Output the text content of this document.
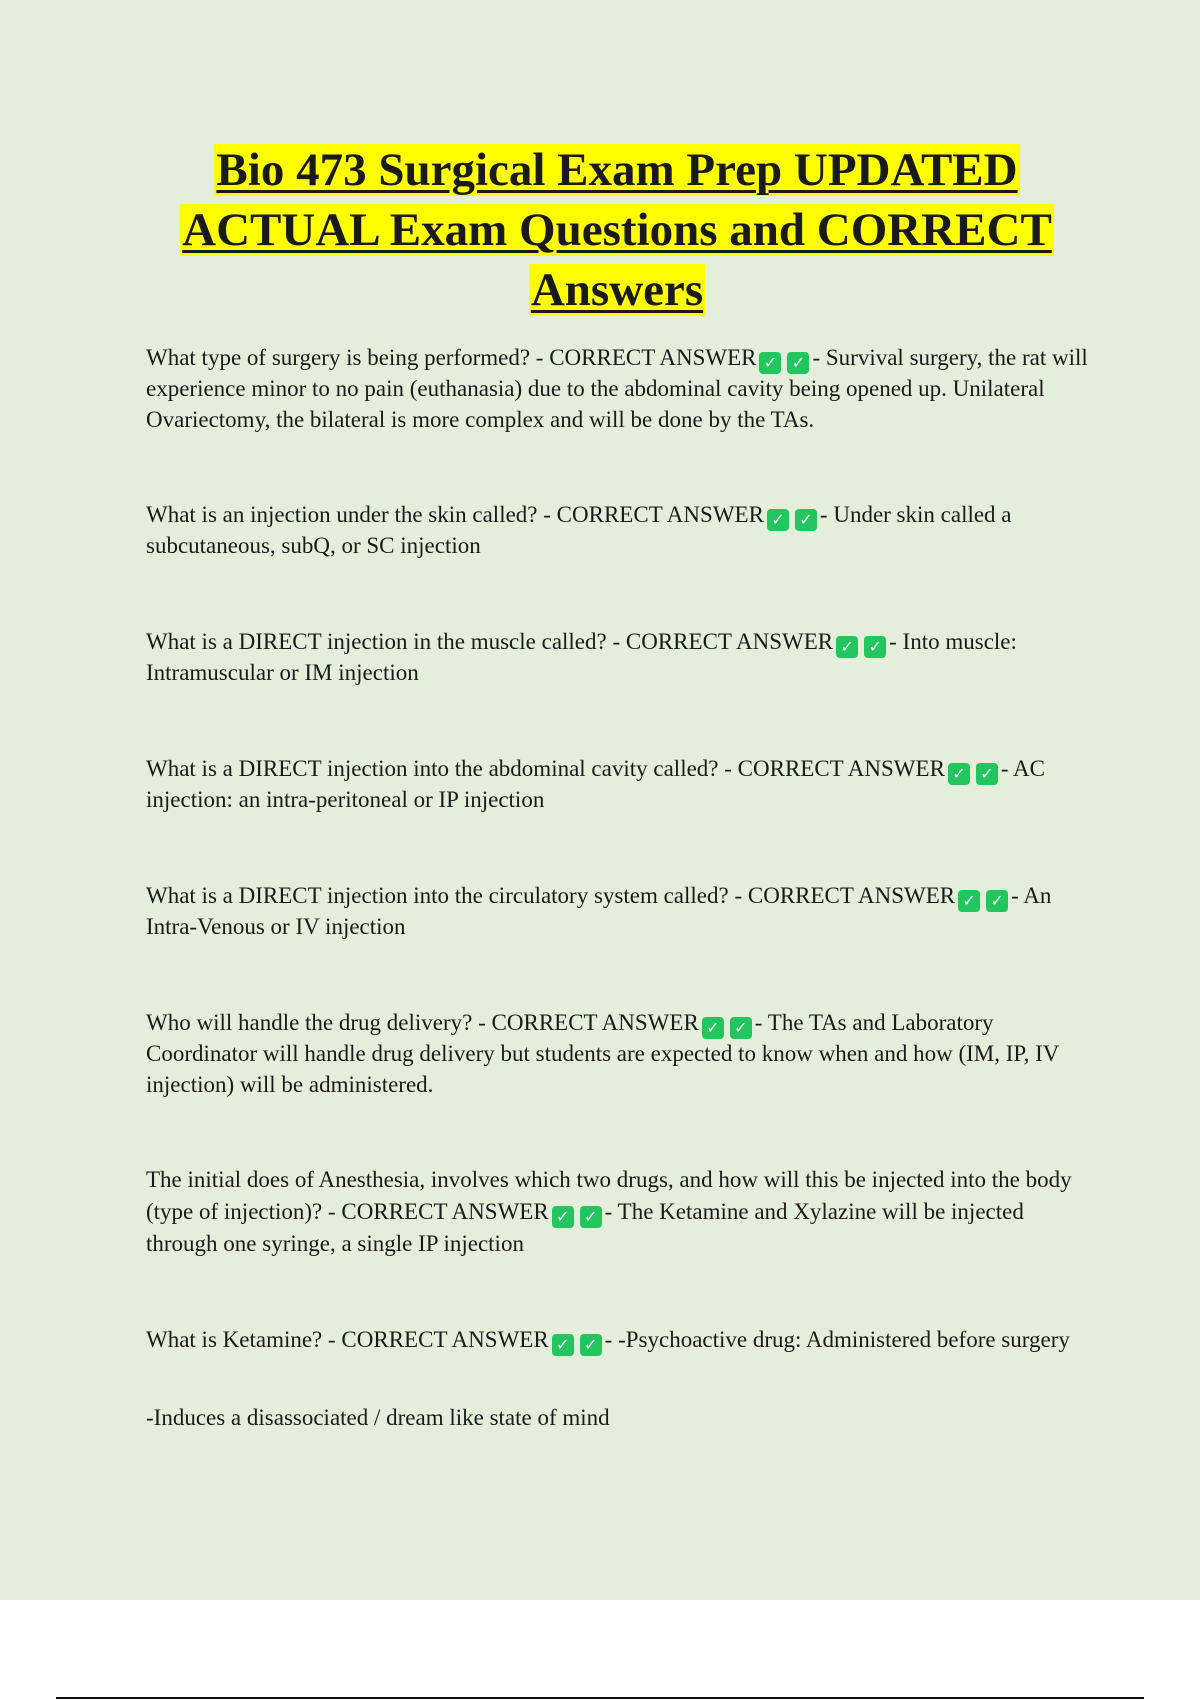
Bio 473 Surgical Exam Prep UPDATED
ACTUAL Exam Questions and CORRECT
Answers

What type of surgery is being performed? - CORRECT ANSWER ✓ ✓ - Survival surgery, the rat will experience minor to no pain (euthanasia) due to the abdominal cavity being opened up. Unilateral Ovariectomy, the bilateral is more complex and will be done by the TAs.

What is an injection under the skin called? - CORRECT ANSWER ✓ ✓ - Under skin called a subcutaneous, subQ, or SC injection

What is a DIRECT injection in the muscle called? - CORRECT ANSWER ✓ ✓ - Into muscle: Intramuscular or IM injection

What is a DIRECT injection into the abdominal cavity called? - CORRECT ANSWER ✓ ✓ - AC injection: an intra-peritoneal or IP injection

What is a DIRECT injection into the circulatory system called? - CORRECT ANSWER ✓ ✓ - An Intra-Venous or IV injection

Who will handle the drug delivery? - CORRECT ANSWER ✓ ✓ - The TAs and Laboratory Coordinator will handle drug delivery but students are expected to know when and how (IM, IP, IV injection) will be administered.

The initial does of Anesthesia, involves which two drugs, and how will this be injected into the body (type of injection)? - CORRECT ANSWER ✓ ✓ - The Ketamine and Xylazine will be injected through one syringe, a single IP injection

What is Ketamine? - CORRECT ANSWER ✓ ✓ - -Psychoactive drug: Administered before surgery

-Induces a disassociated / dream like state of mind
